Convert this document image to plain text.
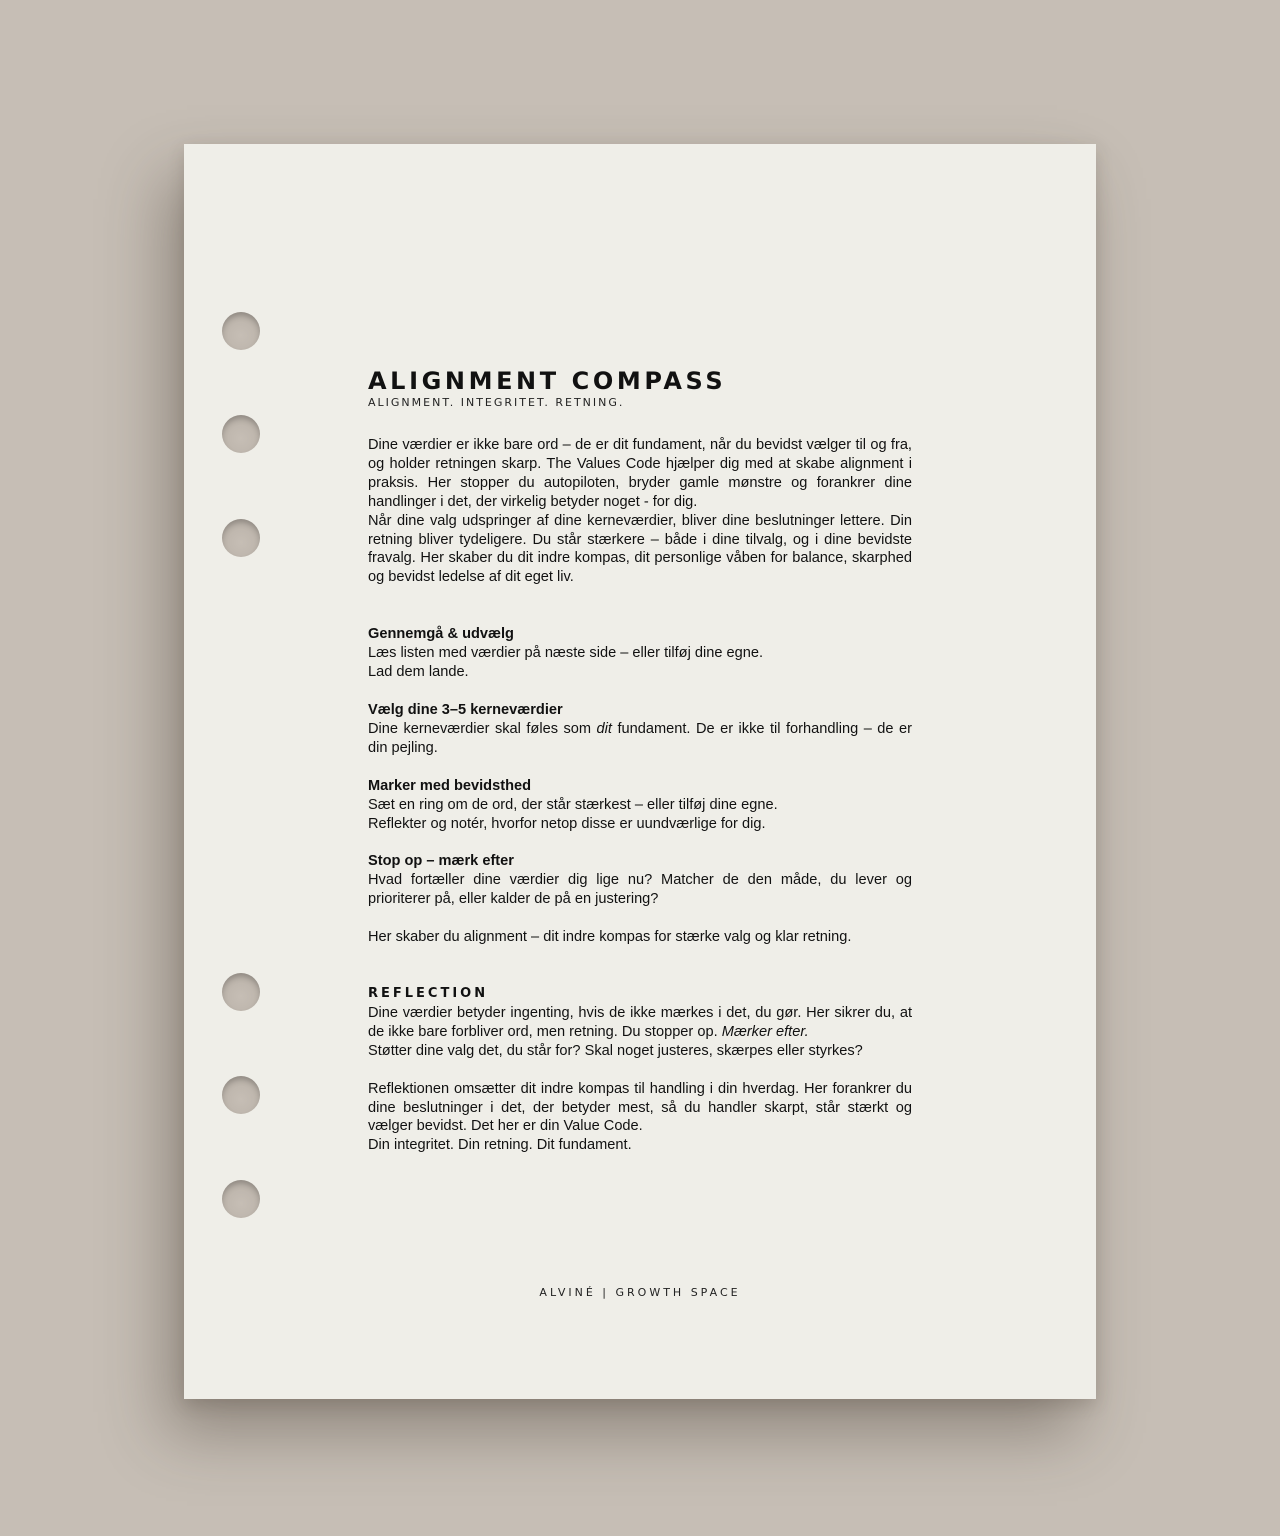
ALIGNMENT COMPASS

ALIGNMENT. INTEGRITET. RETNING.

Dine værdier er ikke bare ord – de er dit fundament, når du bevidst vælger til og fra, og holder retningen skarp. The Values Code hjælper dig med at skabe alignment i praksis. Her stopper du autopiloten, bryder gamle mønstre og forankrer dine handlinger i det, der virkelig betyder noget - for dig.

Når dine valg udspringer af dine kerneværdier, bliver dine beslutninger lettere. Din retning bliver tydeligere. Du står stærkere – både i dine tilvalg, og i dine bevidste fravalg. Her skaber du dit indre kompas, dit personlige våben for balance, skarphed og bevidst ledelse af dit eget liv.

Gennemgå & udvælg

Læs listen med værdier på næste side – eller tilføj dine egne.

Lad dem lande.

Vælg dine 3–5 kerneværdier

Dine kerneværdier skal føles som dit fundament. De er ikke til forhandling – de er din pejling.

Marker med bevidsthed

Sæt en ring om de ord, der står stærkest – eller tilføj dine egne.

Reflekter og notér, hvorfor netop disse er uundværlige for dig.

Stop op – mærk efter

Hvad fortæller dine værdier dig lige nu? Matcher de den måde, du lever og prioriterer på, eller kalder de på en justering?

Her skaber du alignment – dit indre kompas for stærke valg og klar retning.

REFLECTION

Dine værdier betyder ingenting, hvis de ikke mærkes i det, du gør. Her sikrer du, at de ikke bare forbliver ord, men retning. Du stopper op. Mærker efter.
Støtter dine valg det, du står for? Skal noget justeres, skærpes eller styrkes?

Reflektionen omsætter dit indre kompas til handling i din hverdag. Her forankrer du dine beslutninger i det, der betyder mest, så du handler skarpt, står stærkt og vælger bevidst. Det her er din Value Code.

Din integritet. Din retning. Dit fundament.

ALVINÉ | GROWTH SPACE
